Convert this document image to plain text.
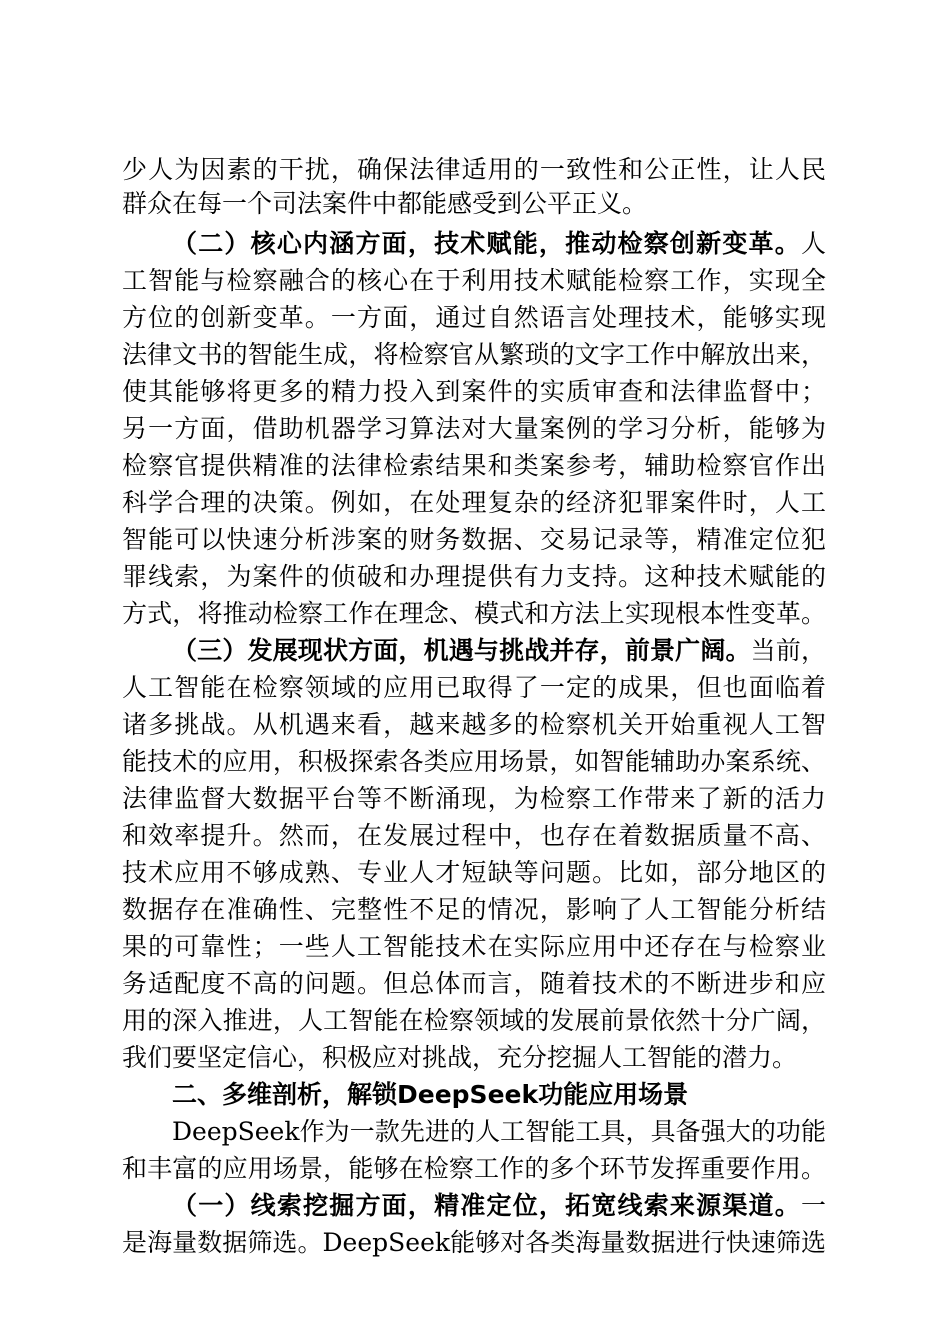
少人为因素的干扰，确保法律适用的一致性和公正性，让人民
群众在每一个司法案件中都能感受到公平正义。
（二）核心内涵方面，技术赋能，推动检察创新变革。人
工智能与检察融合的核心在于利用技术赋能检察工作，实现全
方位的创新变革。一方面，通过自然语言处理技术，能够实现
法律文书的智能生成，将检察官从繁琐的文字工作中解放出来，
使其能够将更多的精力投入到案件的实质审查和法律监督中；
另一方面，借助机器学习算法对大量案例的学习分析，能够为
检察官提供精准的法律检索结果和类案参考，辅助检察官作出
科学合理的决策。例如，在处理复杂的经济犯罪案件时，人工
智能可以快速分析涉案的财务数据、交易记录等，精准定位犯
罪线索，为案件的侦破和办理提供有力支持。这种技术赋能的
方式，将推动检察工作在理念、模式和方法上实现根本性变革。
（三）发展现状方面，机遇与挑战并存，前景广阔。当前，
人工智能在检察领域的应用已取得了一定的成果，但也面临着
诸多挑战。从机遇来看，越来越多的检察机关开始重视人工智
能技术的应用，积极探索各类应用场景，如智能辅助办案系统、
法律监督大数据平台等不断涌现，为检察工作带来了新的活力
和效率提升。然而，在发展过程中，也存在着数据质量不高、
技术应用不够成熟、专业人才短缺等问题。比如，部分地区的
数据存在准确性、完整性不足的情况，影响了人工智能分析结
果的可靠性；一些人工智能技术在实际应用中还存在与检察业
务适配度不高的问题。但总体而言，随着技术的不断进步和应
用的深入推进，人工智能在检察领域的发展前景依然十分广阔，
我们要坚定信心，积极应对挑战，充分挖掘人工智能的潜力。
二、多维剖析，解锁DeepSeek功能应用场景
DeepSeek作为一款先进的人工智能工具，具备强大的功能
和丰富的应用场景，能够在检察工作的多个环节发挥重要作用。
（一）线索挖掘方面，精准定位，拓宽线索来源渠道。一
是海量数据筛选。DeepSeek能够对各类海量数据进行快速筛选
